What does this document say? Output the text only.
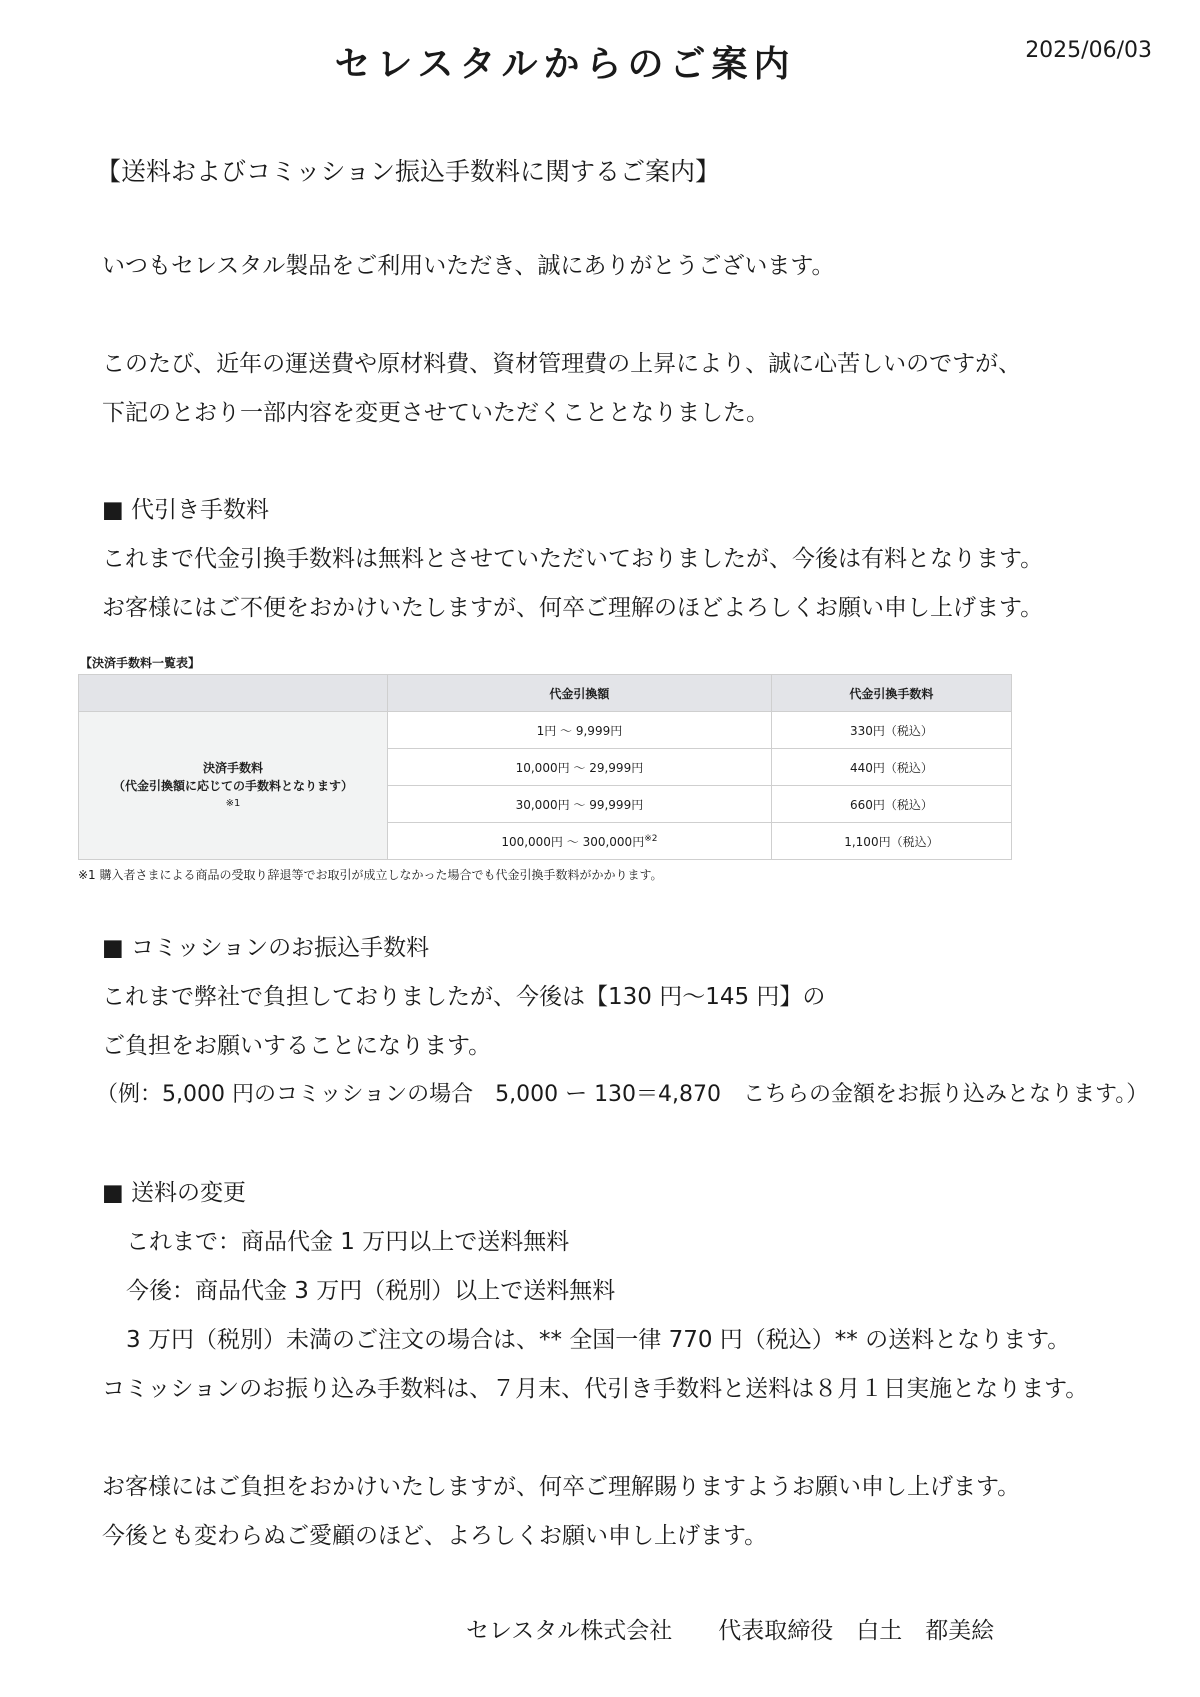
セレスタルからのご案内	2025/06/03
【送料およびコミッション振込手数料に関するご案内】
いつもセレスタル製品をご利用いただき、誠にありがとうございます。
このたび、近年の運送費や原材料費、資材管理費の上昇により、誠に心苦しいのですが、
下記のとおり一部内容を変更させていただくこととなりました。
■ 代引き手数料
これまで代金引換手数料は無料とさせていただいておりましたが、今後は有料となります。
お客様にはご不便をおかけいたしますが、何卒ご理解のほどよろしくお願い申し上げます。
【決済手数料一覧表】
	代金引換額	代金引換手数料
決済手数料
（代金引換額に応じての手数料となります）
※1	1円 〜 9,999円	330円（税込）
	10,000円 〜 29,999円	440円（税込）
	30,000円 〜 99,999円	660円（税込）
	100,000円 〜 300,000円$^{※2}$	1,100円（税込）
※1 購入者さまによる商品の受取り辞退等でお取引が成立しなかった場合でも代金引換手数料がかかります。
■ コミッションのお振込手数料
これまで弊社で負担しておりましたが、今後は【130 円〜145 円】の
ご負担をお願いすることになります。
（例：5,000 円のコミッションの場合　5,000 ー 130＝4,870　こちらの金額をお振り込みとなります。）
■ 送料の変更
これまで：商品代金 1 万円以上で送料無料
今後：商品代金 3 万円（税別）以上で送料無料
3 万円（税別）未満のご注文の場合は、** 全国一律 770 円（税込）** の送料となります。
コミッションのお振り込み手数料は、７月末、代引き手数料と送料は８月１日実施となります。
お客様にはご負担をおかけいたしますが、何卒ご理解賜りますようお願い申し上げます。
今後とも変わらぬご愛顧のほど、よろしくお願い申し上げます。
セレスタル株式会社　　代表取締役　白土　都美絵
